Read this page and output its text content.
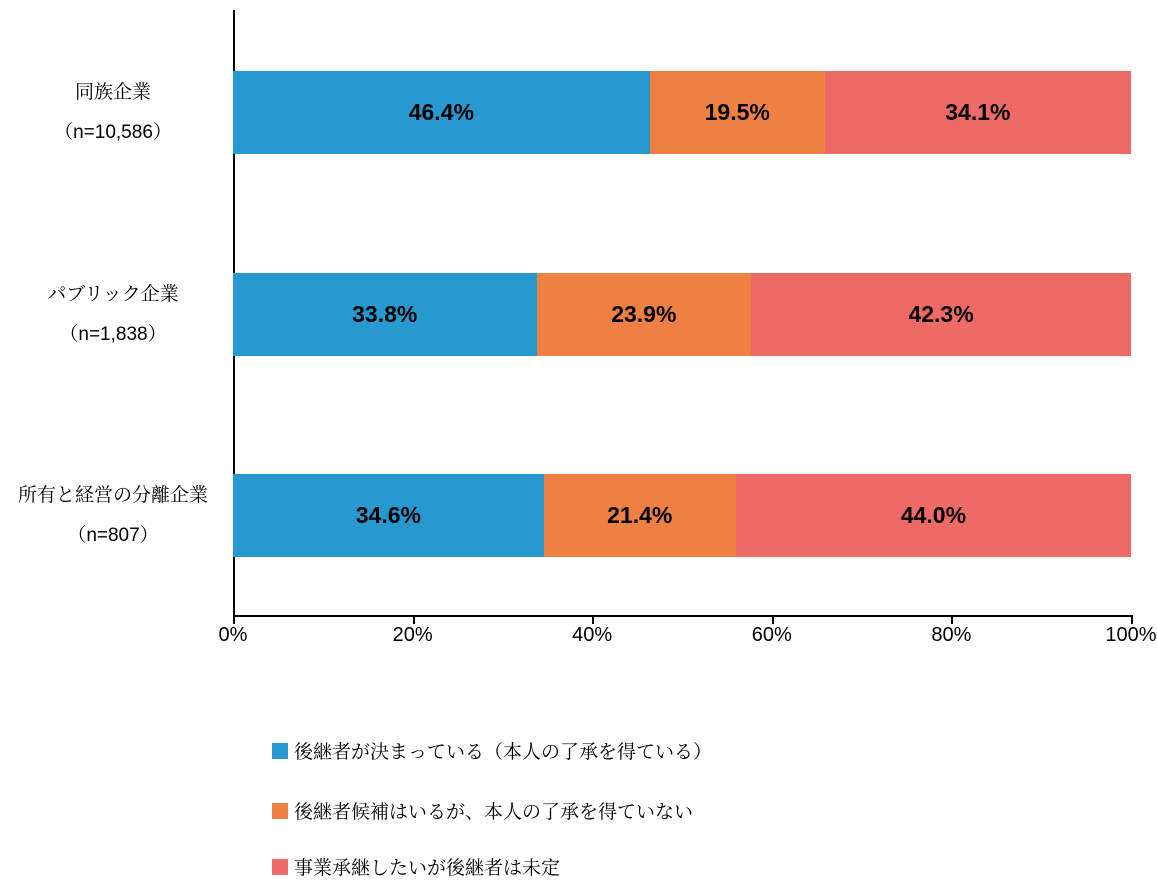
同族企業
（n=10,586）
46.4%	19.5%	34.1%
パブリック企業
（n=1,838）
33.8%	23.9%	42.3%
所有と経営の分離企業
（n=807）
34.6%	21.4%	44.0%
0%	20%	40%	60%	80%	100%
後継者が決まっている（本人の了承を得ている）
後継者候補はいるが、本人の了承を得ていない
事業承継したいが後継者は未定
